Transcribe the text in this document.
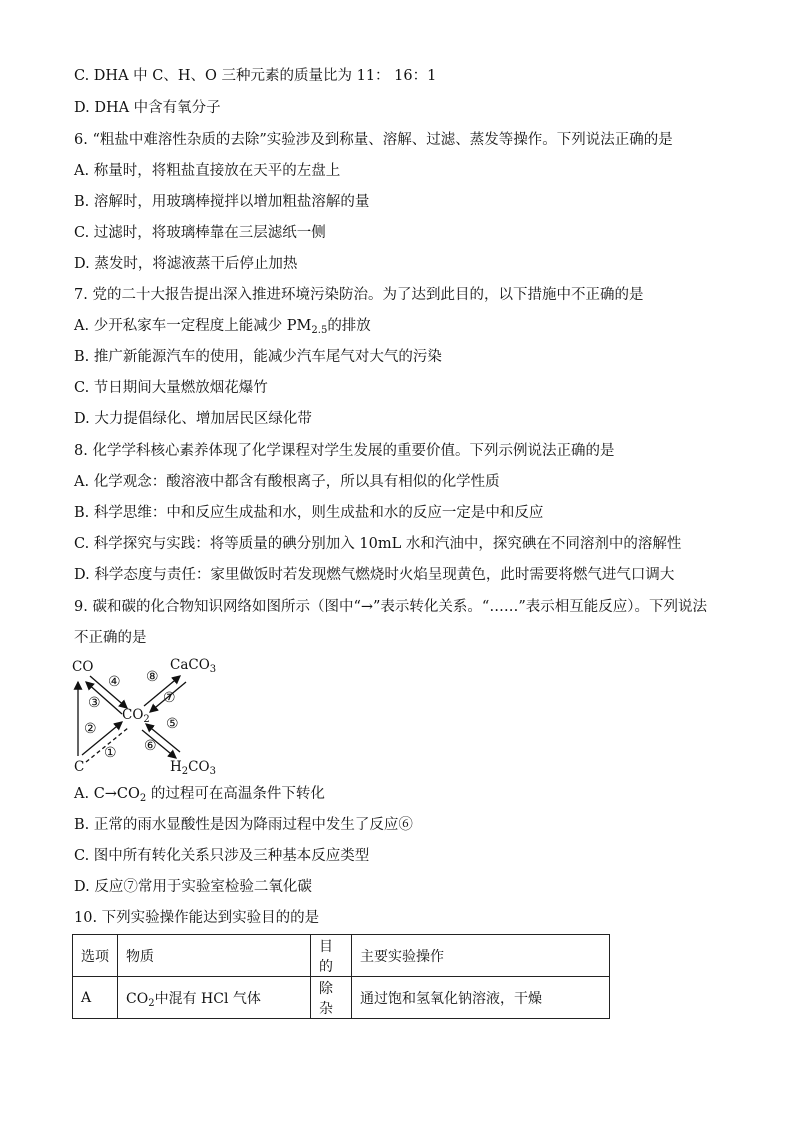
C. DHA 中 C、H、O 三种元素的质量比为 11： 16：1
D. DHA 中含有氧分子
6. “粗盐中难溶性杂质的去除”实验涉及到称量、溶解、过滤、蒸发等操作。下列说法正确的是
A. 称量时，将粗盐直接放在天平的左盘上
B. 溶解时，用玻璃棒搅拌以增加粗盐溶解的量
C. 过滤时，将玻璃棒靠在三层滤纸一侧
D. 蒸发时，将滤液蒸干后停止加热
7. 党的二十大报告提出深入推进环境污染防治。为了达到此目的，以下措施中不正确的是
A. 少开私家车一定程度上能减少 $PM_{2.5}$的排放
B. 推广新能源汽车的使用，能减少汽车尾气对大气的污染
C. 节日期间大量燃放烟花爆竹
D. 大力提倡绿化、增加居民区绿化带
8. 化学学科核心素养体现了化学课程对学生发展的重要价值。下列示例说法正确的是
A. 化学观念：酸溶液中都含有酸根离子，所以具有相似的化学性质
B. 科学思维：中和反应生成盐和水，则生成盐和水的反应一定是中和反应
C. 科学探究与实践：将等质量的碘分别加入 10mL 水和汽油中，探究碘在不同溶剂中的溶解性
D. 科学态度与责任：家里做饭时若发现燃气燃烧时火焰呈现黄色，此时需要将燃气进气口调大
9. 碳和碳的化合物知识网络如图所示（图中“→”表示转化关系。“……”表示相互能反应）。下列说法
不正确的是
CO	CaCO$_3$
$CO_2$
C	$H_2CO_3$
④
③
②
①
⑧
⑦
⑤
⑥
A. $C\to CO_2$ 的过程可在高温条件下转化
B. 正常的雨水显酸性是因为降雨过程中发生了反应⑥
C. 图中所有转化关系只涉及三种基本反应类型
D. 反应⑦常用于实验室检验二氧化碳
10. 下列实验操作能达到实验目的的是
选项	物质	目的	主要实验操作
A	$CO_2$中混有 HCl 气体	除杂	通过饱和氢氧化钠溶液，干燥
